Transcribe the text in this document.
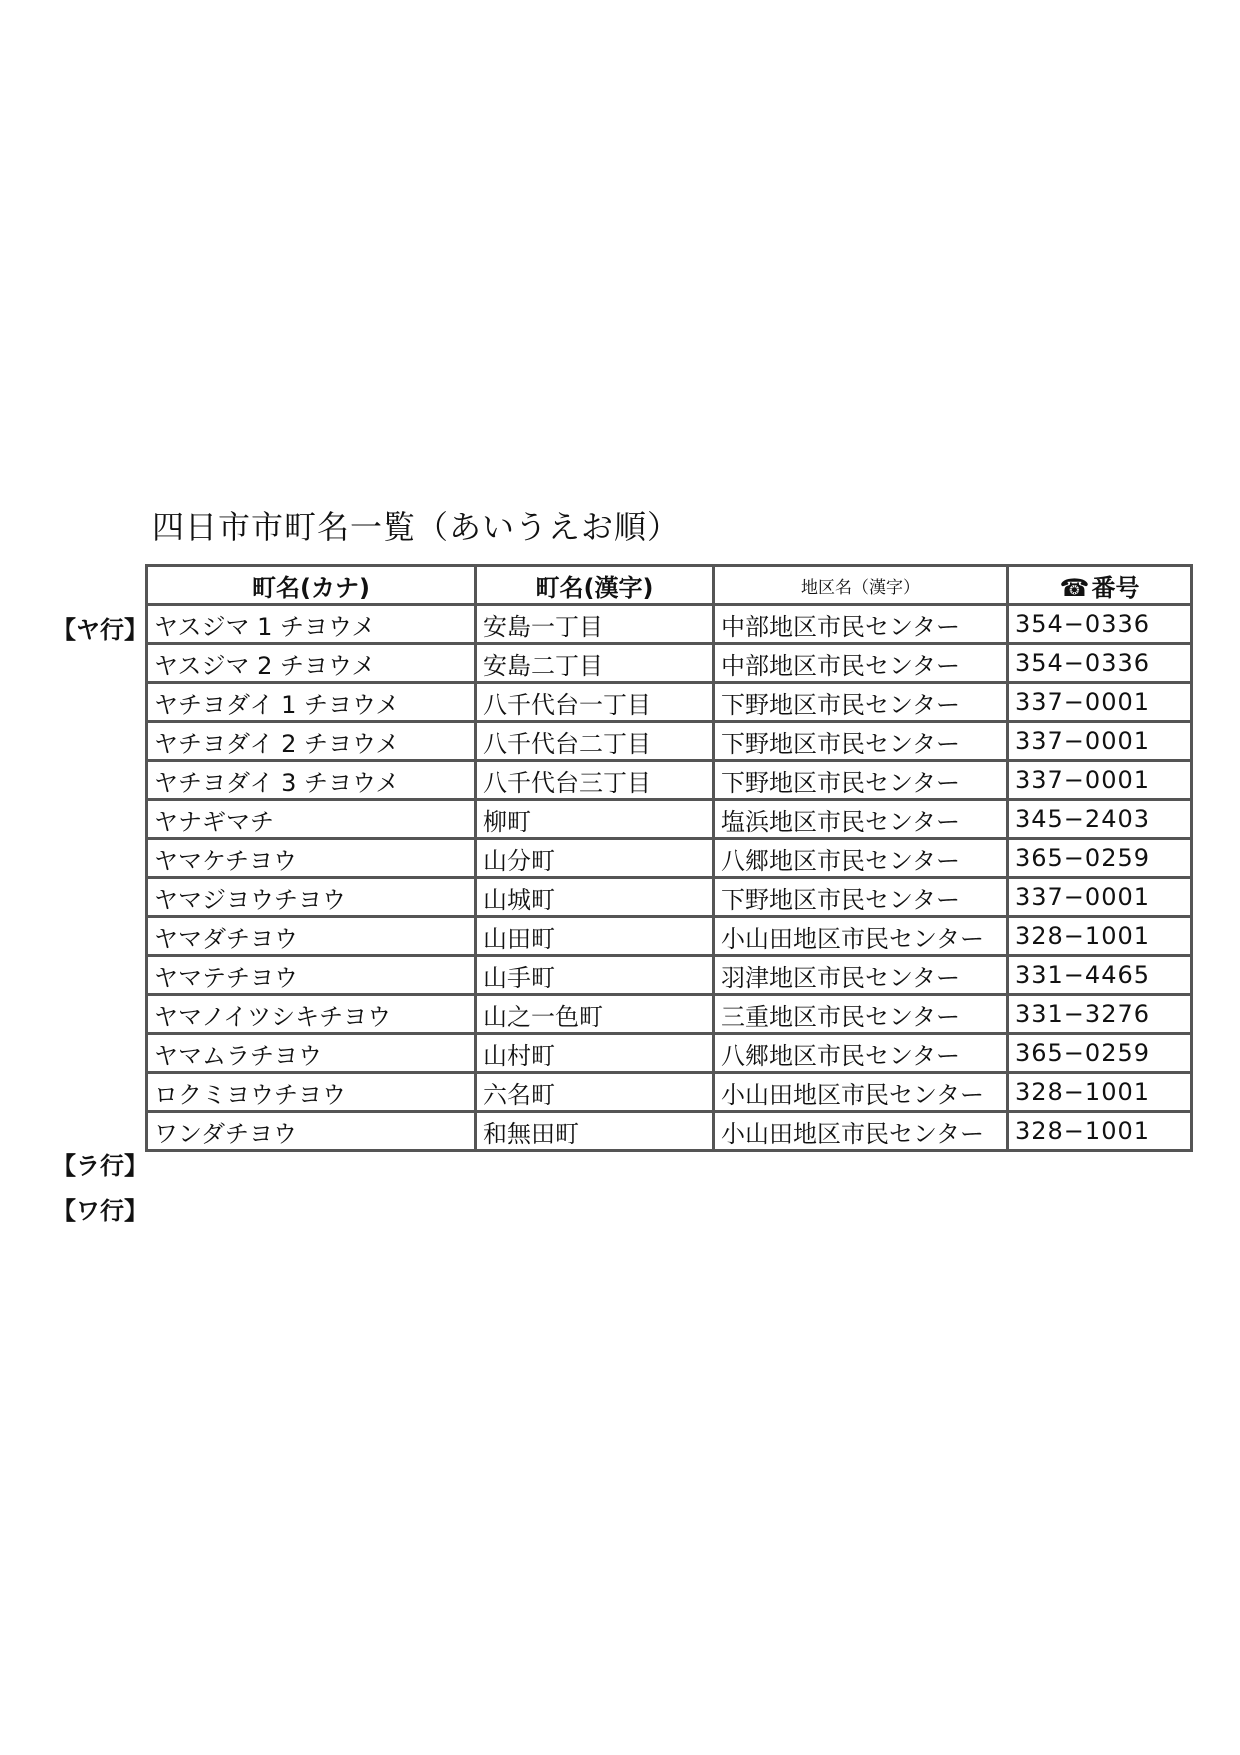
四日市市町名一覧（あいうえお順）
【ヤ行】
【ラ行】
【ワ行】
町名(カナ)	町名(漢字)	地区名（漢字）	☎番号
ヤスジマ 1 チヨウメ	安島一丁目	中部地区市民センター	354−0336
ヤスジマ 2 チヨウメ	安島二丁目	中部地区市民センター	354−0336
ヤチヨダイ 1 チヨウメ	八千代台一丁目	下野地区市民センター	337−0001
ヤチヨダイ 2 チヨウメ	八千代台二丁目	下野地区市民センター	337−0001
ヤチヨダイ 3 チヨウメ	八千代台三丁目	下野地区市民センター	337−0001
ヤナギマチ	柳町	塩浜地区市民センター	345−2403
ヤマケチヨウ	山分町	八郷地区市民センター	365−0259
ヤマジヨウチヨウ	山城町	下野地区市民センター	337−0001
ヤマダチヨウ	山田町	小山田地区市民センター	328−1001
ヤマテチヨウ	山手町	羽津地区市民センター	331−4465
ヤマノイツシキチヨウ	山之一色町	三重地区市民センター	331−3276
ヤマムラチヨウ	山村町	八郷地区市民センター	365−0259
ロクミヨウチヨウ	六名町	小山田地区市民センター	328−1001
ワンダチヨウ	和無田町	小山田地区市民センター	328−1001
